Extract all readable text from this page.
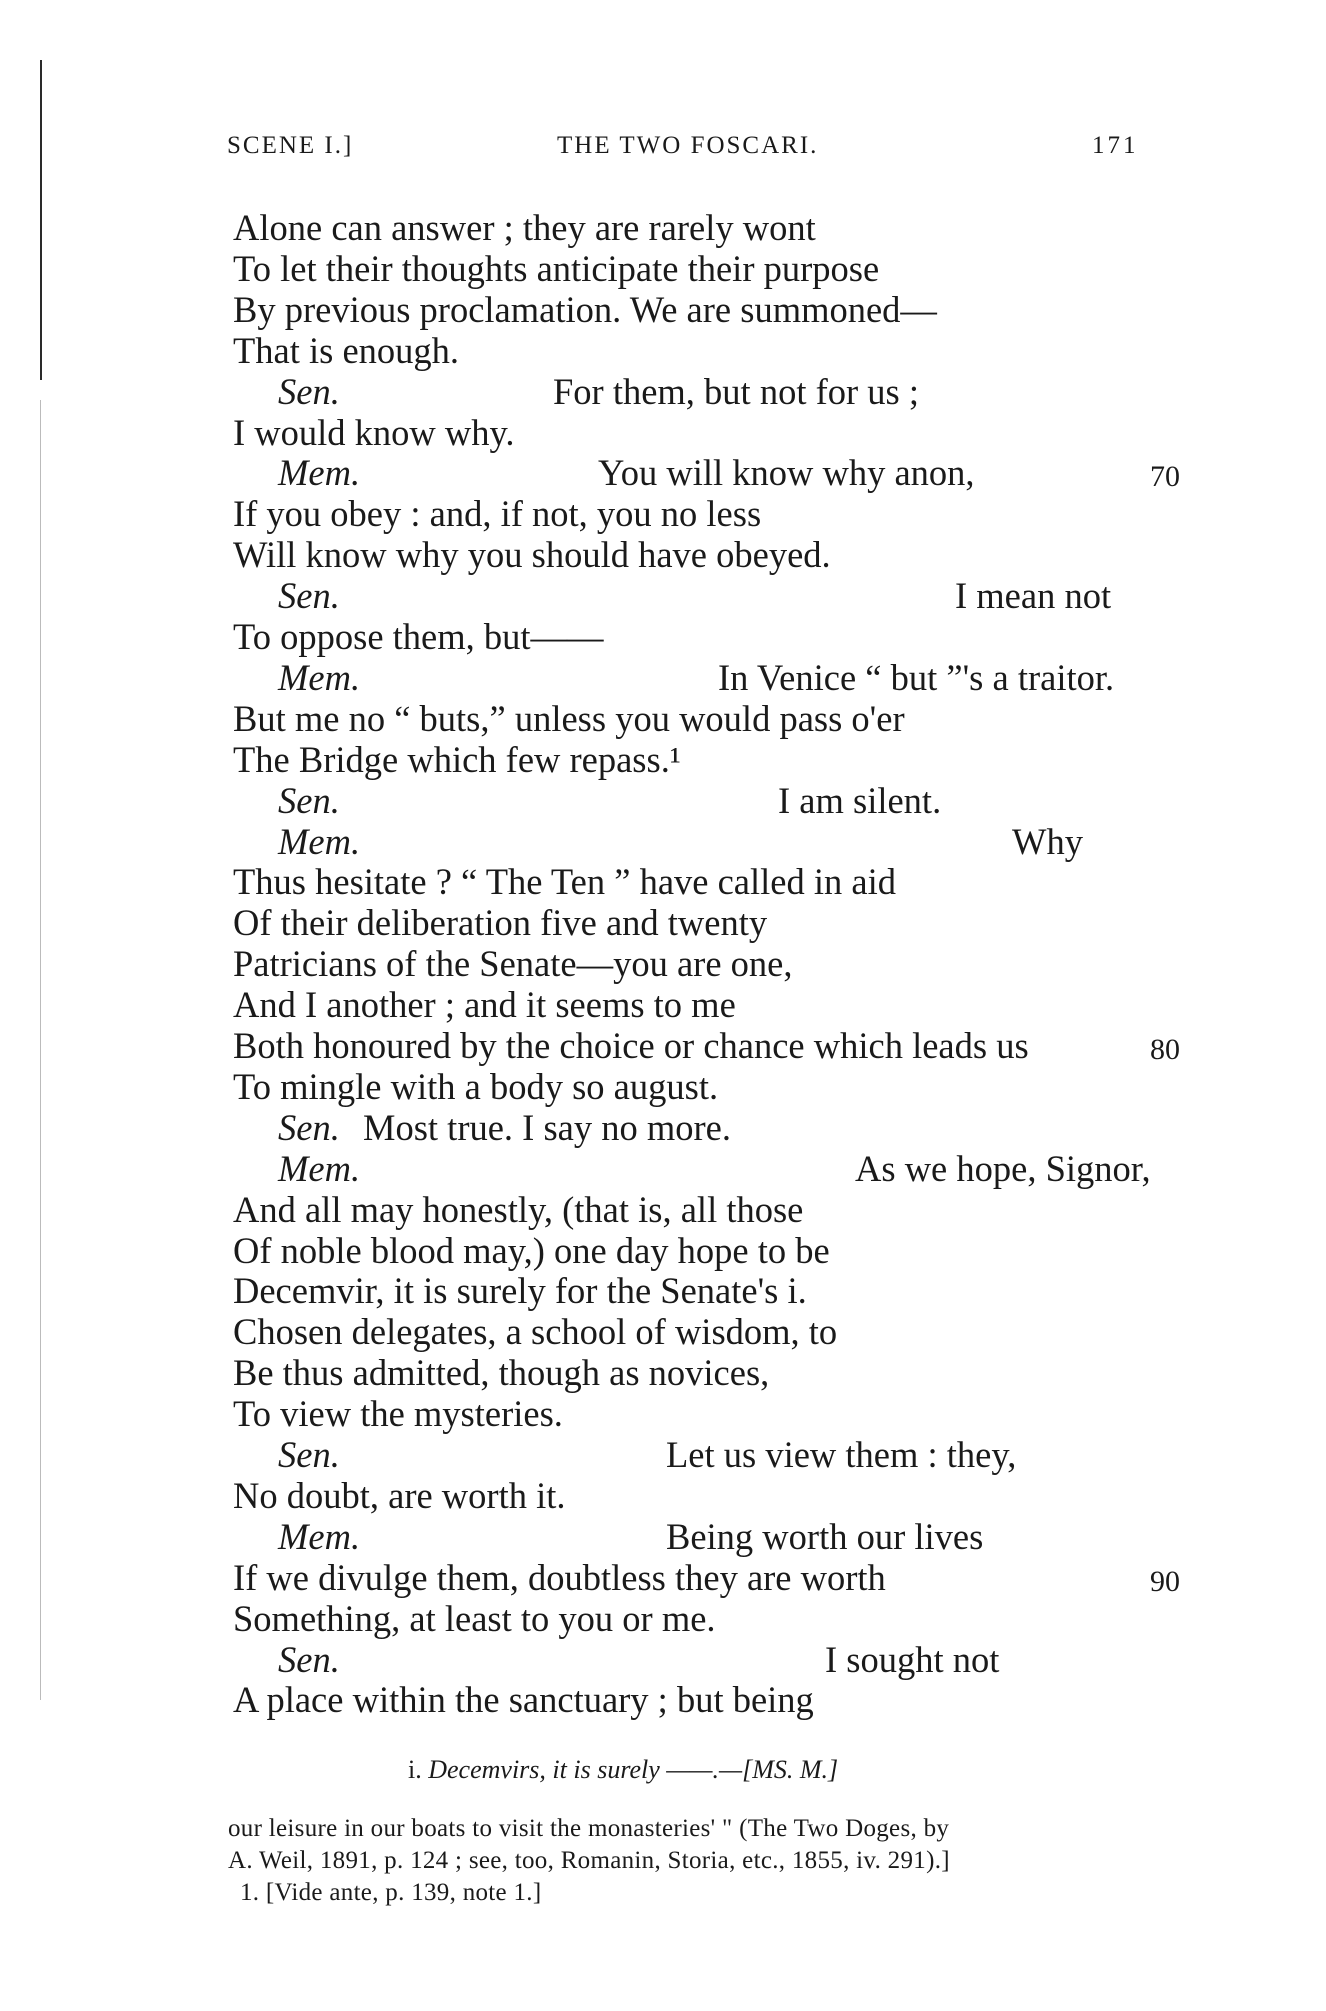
SCENE I.]	THE TWO FOSCARI.	171
Alone can answer ; they are rarely wont
To let their thoughts anticipate their purpose
By previous proclamation. We are summoned—
That is enough.
Sen.	For them, but not for us ;
I would know why.
Mem.	You will know why anon,	70
If you obey : and, if not, you no less
Will know why you should have obeyed.
Sen.	I mean not
To oppose them, but——
Mem.	In Venice “ but ”'s a traitor.
But me no “ buts,” unless you would pass o'er
The Bridge which few repass.¹
Sen.	I am silent.
Mem.	Why
Thus hesitate ? “ The Ten ” have called in aid
Of their deliberation five and twenty
Patricians of the Senate—you are one,
And I another ; and it seems to me
Both honoured by the choice or chance which leads us	80
To mingle with a body so august.
Sen. Most true. I say no more.
Mem.	As we hope, Signor,
And all may honestly, (that is, all those
Of noble blood may,) one day hope to be
Decemvir, it is surely for the Senate's i.
Chosen delegates, a school of wisdom, to
Be thus admitted, though as novices,
To view the mysteries.
Sen.	Let us view them : they,
No doubt, are worth it.
Mem.	Being worth our lives
If we divulge them, doubtless they are worth	90
Something, at least to you or me.
Sen.	I sought not
A place within the sanctuary ; but being
i. Decemvirs, it is surely ——.—[MS. M.]
our leisure in our boats to visit the monasteries' " (The Two Doges, by
A. Weil, 1891, p. 124 ; see, too, Romanin, Storia, etc., 1855, iv. 291).]
1. [Vide ante, p. 139, note 1.]
